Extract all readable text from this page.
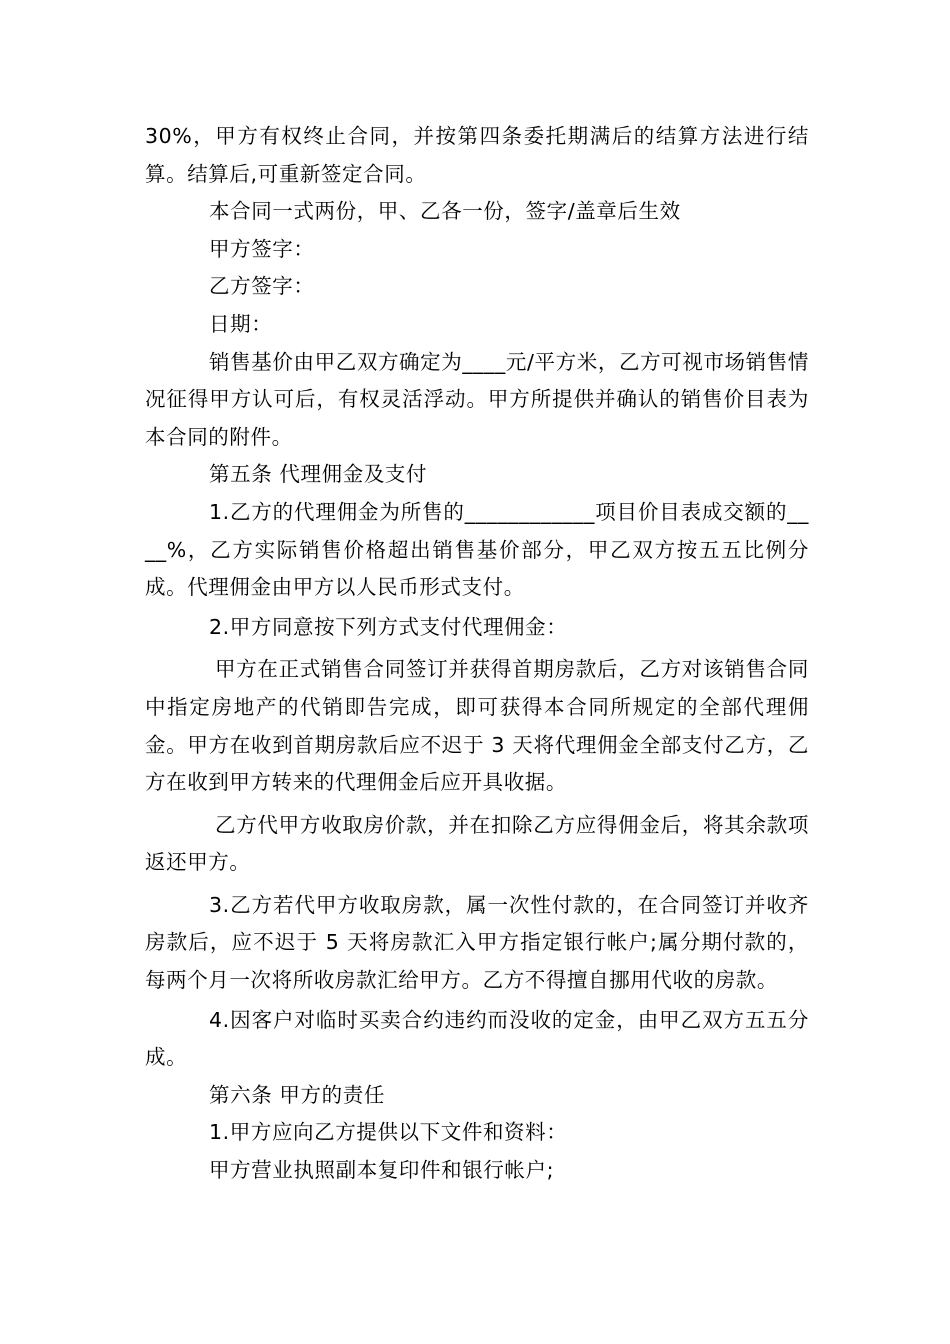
30%，甲方有权终止合同，并按第四条委托期满后的结算方法进行结算。结算后,可重新签定合同。

本合同一式两份，甲、乙各一份，签字/盖章后生效

甲方签字：

乙方签字：

日期：

销售基价由甲乙双方确定为____元/平方米，乙方可视市场销售情况征得甲方认可后，有权灵活浮动。甲方所提供并确认的销售价目表为本合同的附件。

第五条 代理佣金及支付

1.乙方的代理佣金为所售的____________项目价目表成交额的____%，乙方实际销售价格超出销售基价部分，甲乙双方按五五比例分成。代理佣金由甲方以人民币形式支付。

2.甲方同意按下列方式支付代理佣金：

甲方在正式销售合同签订并获得首期房款后，乙方对该销售合同中指定房地产的代销即告完成，即可获得本合同所规定的全部代理佣金。甲方在收到首期房款后应不迟于 3 天将代理佣金全部支付乙方，乙方在收到甲方转来的代理佣金后应开具收据。

乙方代甲方收取房价款，并在扣除乙方应得佣金后，将其余款项返还甲方。

3.乙方若代甲方收取房款，属一次性付款的，在合同签订并收齐房款后，应不迟于 5 天将房款汇入甲方指定银行帐户;属分期付款的，每两个月一次将所收房款汇给甲方。乙方不得擅自挪用代收的房款。

4.因客户对临时买卖合约违约而没收的定金，由甲乙双方五五分成。

第六条 甲方的责任

1.甲方应向乙方提供以下文件和资料：

甲方营业执照副本复印件和银行帐户;
